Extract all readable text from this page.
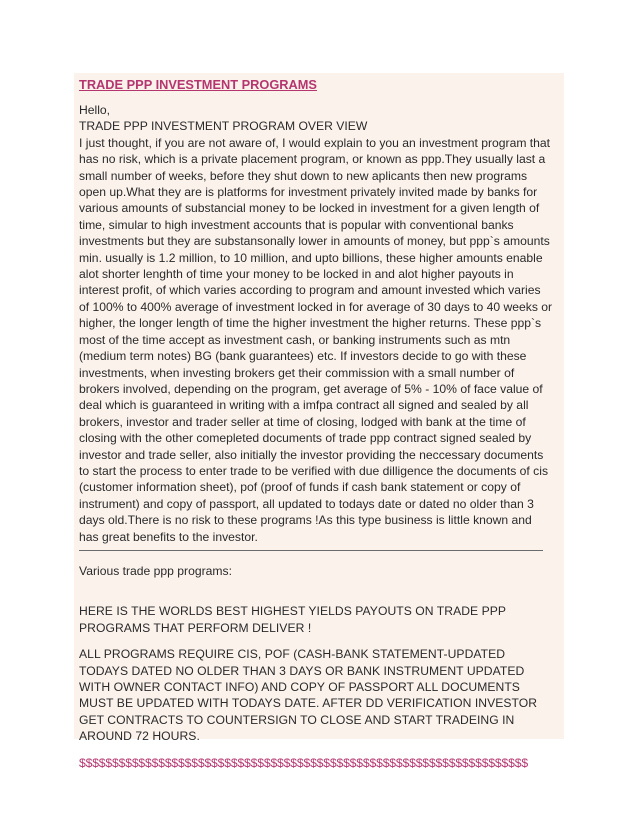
TRADE PPP INVESTMENT PROGRAMS
Hello,
TRADE PPP INVESTMENT PROGRAM OVER VIEW
I just thought, if you are not aware of, I would explain to you an investment program that
has no risk, which is a private placement program, or known as ppp.They usually last a
small number of weeks, before they shut down to new aplicants then new programs
open up.What they are is platforms for investment privately invited made by banks for
various amounts of substancial money to be locked in investment for a given length of
time, simular to high investment accounts that is popular with conventional banks
investments but they are substansonally lower in amounts of money, but ppp`s amounts
min. usually is 1.2 million, to 10 million, and upto billions, these higher amounts enable
alot shorter lenghth of time your money to be locked in and alot higher payouts in
interest profit, of which varies according to program and amount invested which varies
of 100% to 400% average of investment locked in for average of 30 days to 40 weeks or
higher, the longer length of time the higher investment the higher returns. These ppp`s
most of the time accept as investment cash, or banking instruments such as mtn
(medium term notes) BG (bank guarantees) etc. If investors decide to go with these
investments, when investing brokers get their commission with a small number of
brokers involved, depending on the program, get average of 5% - 10% of face value of
deal which is guaranteed in writing with a imfpa contract all signed and sealed by all
brokers, investor and trader seller at time of closing, lodged with bank at the time of
closing with the other comepleted documents of trade ppp contract signed sealed by
investor and trade seller, also initially the investor providing the neccessary documents
to start the process to enter trade to be verified with due dilligence the documents of cis
(customer information sheet), pof (proof of funds if cash bank statement or copy of
instrument) and copy of passport, all updated to todays date or dated no older than 3
days old.There is no risk to these programs !As this type business is little known and
has great benefits to the investor.
Various trade ppp programs:
HERE IS THE WORLDS BEST HIGHEST YIELDS PAYOUTS ON TRADE PPP
PROGRAMS THAT PERFORM DELIVER !
ALL PROGRAMS REQUIRE CIS, POF (CASH-BANK STATEMENT-UPDATED
TODAYS DATED NO OLDER THAN 3 DAYS OR BANK INSTRUMENT UPDATED
WITH OWNER CONTACT INFO) AND COPY OF PASSPORT ALL DOCUMENTS
MUST BE UPDATED WITH TODAYS DATE. AFTER DD VERIFICATION INVESTOR
GET CONTRACTS TO COUNTERSIGN TO CLOSE AND START TRADEING IN
AROUND 72 HOURS.
$$$$$$$$$$$$$$$$$$$$$$$$$$$$$$$$$$$$$$$$$$$$$$$$$$$$$$$$$$$$$$$$$$$$
